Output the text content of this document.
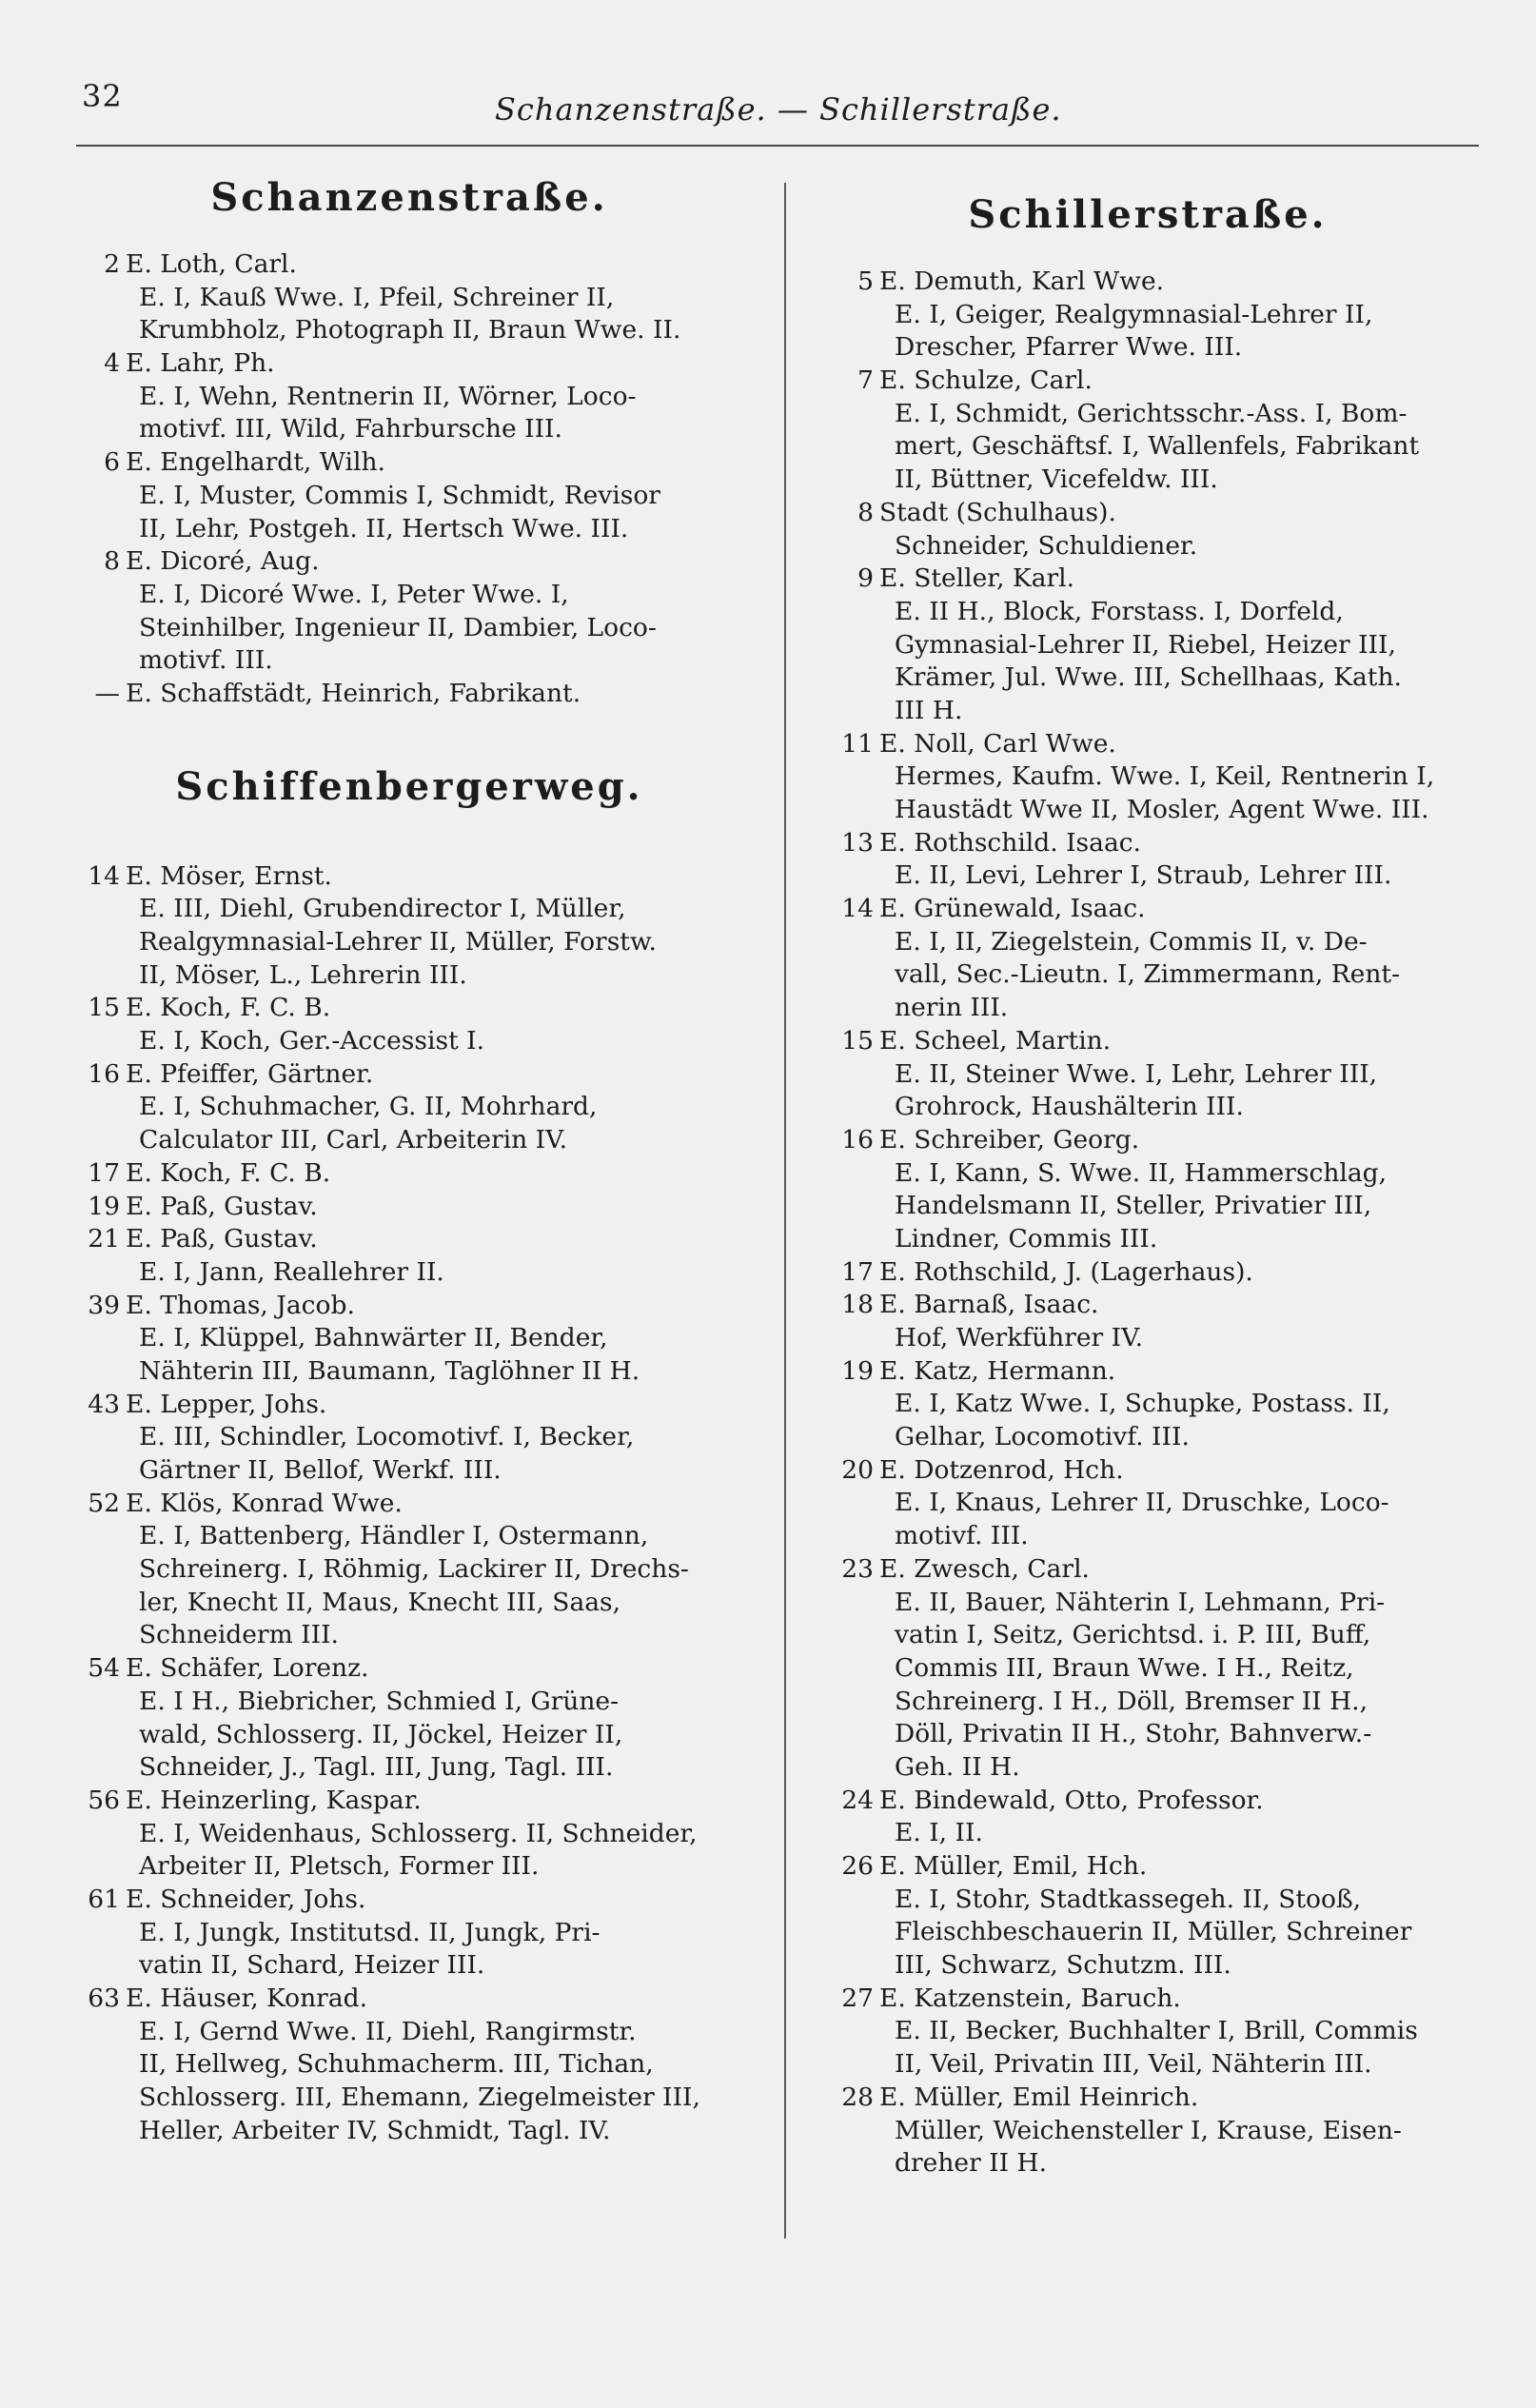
32	Schanzenstraße. — Schillerstraße.
Schanzenstraße.
2 E. Loth, Carl.
E. I, Kauß Wwe. I, Pfeil, Schreiner II,
Krumbholz, Photograph II, Braun Wwe. II.
4 E. Lahr, Ph.
E. I, Wehn, Rentnerin II, Wörner, Loco-
motivf. III, Wild, Fahrbursche III.
6 E. Engelhardt, Wilh.
E. I, Muster, Commis I, Schmidt, Revisor
II, Lehr, Postgeh. II, Hertsch Wwe. III.
8 E. Dicoré, Aug.
E. I, Dicoré Wwe. I, Peter Wwe. I,
Steinhilber, Ingenieur II, Dambier, Loco-
motivf. III.
— E. Schaffstädt, Heinrich, Fabrikant.
Schiffenbergerweg.
14 E. Möser, Ernst.
E. III, Diehl, Grubendirector I, Müller,
Realgymnasial-Lehrer II, Müller, Forstw.
II, Möser, L., Lehrerin III.
15 E. Koch, F. C. B.
E. I, Koch, Ger.-Accessist I.
16 E. Pfeiffer, Gärtner.
E. I, Schuhmacher, G. II, Mohrhard,
Calculator III, Carl, Arbeiterin IV.
17 E. Koch, F. C. B.
19 E. Paß, Gustav.
21 E. Paß, Gustav.
E. I, Jann, Reallehrer II.
39 E. Thomas, Jacob.
E. I, Klüppel, Bahnwärter II, Bender,
Nähterin III, Baumann, Taglöhner II H.
43 E. Lepper, Johs.
E. III, Schindler, Locomotivf. I, Becker,
Gärtner II, Bellof, Werkf. III.
52 E. Klös, Konrad Wwe.
E. I, Battenberg, Händler I, Ostermann,
Schreinerg. I, Röhmig, Lackirer II, Drechs-
ler, Knecht II, Maus, Knecht III, Saas,
Schneiderm III.
54 E. Schäfer, Lorenz.
E. I H., Biebricher, Schmied I, Grüne-
wald, Schlosserg. II, Jöckel, Heizer II,
Schneider, J., Tagl. III, Jung, Tagl. III.
56 E. Heinzerling, Kaspar.
E. I, Weidenhaus, Schlosserg. II, Schneider,
Arbeiter II, Pletsch, Former III.
61 E. Schneider, Johs.
E. I, Jungk, Institutsd. II, Jungk, Pri-
vatin II, Schard, Heizer III.
63 E. Häuser, Konrad.
E. I, Gernd Wwe. II, Diehl, Rangirmstr.
II, Hellweg, Schuhmacherm. III, Tichan,
Schlosserg. III, Ehemann, Ziegelmeister III,
Heller, Arbeiter IV, Schmidt, Tagl. IV.
Schillerstraße.
5 E. Demuth, Karl Wwe.
E. I, Geiger, Realgymnasial-Lehrer II,
Drescher, Pfarrer Wwe. III.
7 E. Schulze, Carl.
E. I, Schmidt, Gerichtsschr.-Ass. I, Bom-
mert, Geschäftsf. I, Wallenfels, Fabrikant
II, Büttner, Vicefeldw. III.
8 Stadt (Schulhaus).
Schneider, Schuldiener.
9 E. Steller, Karl.
E. II H., Block, Forstass. I, Dorfeld,
Gymnasial-Lehrer II, Riebel, Heizer III,
Krämer, Jul. Wwe. III, Schellhaas, Kath.
III H.
11 E. Noll, Carl Wwe.
Hermes, Kaufm. Wwe. I, Keil, Rentnerin I,
Haustädt Wwe II, Mosler, Agent Wwe. III.
13 E. Rothschild. Isaac.
E. II, Levi, Lehrer I, Straub, Lehrer III.
14 E. Grünewald, Isaac.
E. I, II, Ziegelstein, Commis II, v. De-
vall, Sec.-Lieutn. I, Zimmermann, Rent-
nerin III.
15 E. Scheel, Martin.
E. II, Steiner Wwe. I, Lehr, Lehrer III,
Grohrock, Haushälterin III.
16 E. Schreiber, Georg.
E. I, Kann, S. Wwe. II, Hammerschlag,
Handelsmann II, Steller, Privatier III,
Lindner, Commis III.
17 E. Rothschild, J. (Lagerhaus).
18 E. Barnaß, Isaac.
Hof, Werkführer IV.
19 E. Katz, Hermann.
E. I, Katz Wwe. I, Schupke, Postass. II,
Gelhar, Locomotivf. III.
20 E. Dotzenrod, Hch.
E. I, Knaus, Lehrer II, Druschke, Loco-
motivf. III.
23 E. Zwesch, Carl.
E. II, Bauer, Nähterin I, Lehmann, Pri-
vatin I, Seitz, Gerichtsd. i. P. III, Buff,
Commis III, Braun Wwe. I H., Reitz,
Schreinerg. I H., Döll, Bremser II H.,
Döll, Privatin II H., Stohr, Bahnverw.-
Geh. II H.
24 E. Bindewald, Otto, Professor.
E. I, II.
26 E. Müller, Emil, Hch.
E. I, Stohr, Stadtkassegeh. II, Stooß,
Fleischbeschauerin II, Müller, Schreiner
III, Schwarz, Schutzm. III.
27 E. Katzenstein, Baruch.
E. II, Becker, Buchhalter I, Brill, Commis
II, Veil, Privatin III, Veil, Nähterin III.
28 E. Müller, Emil Heinrich.
Müller, Weichensteller I, Krause, Eisen-
dreher II H.
